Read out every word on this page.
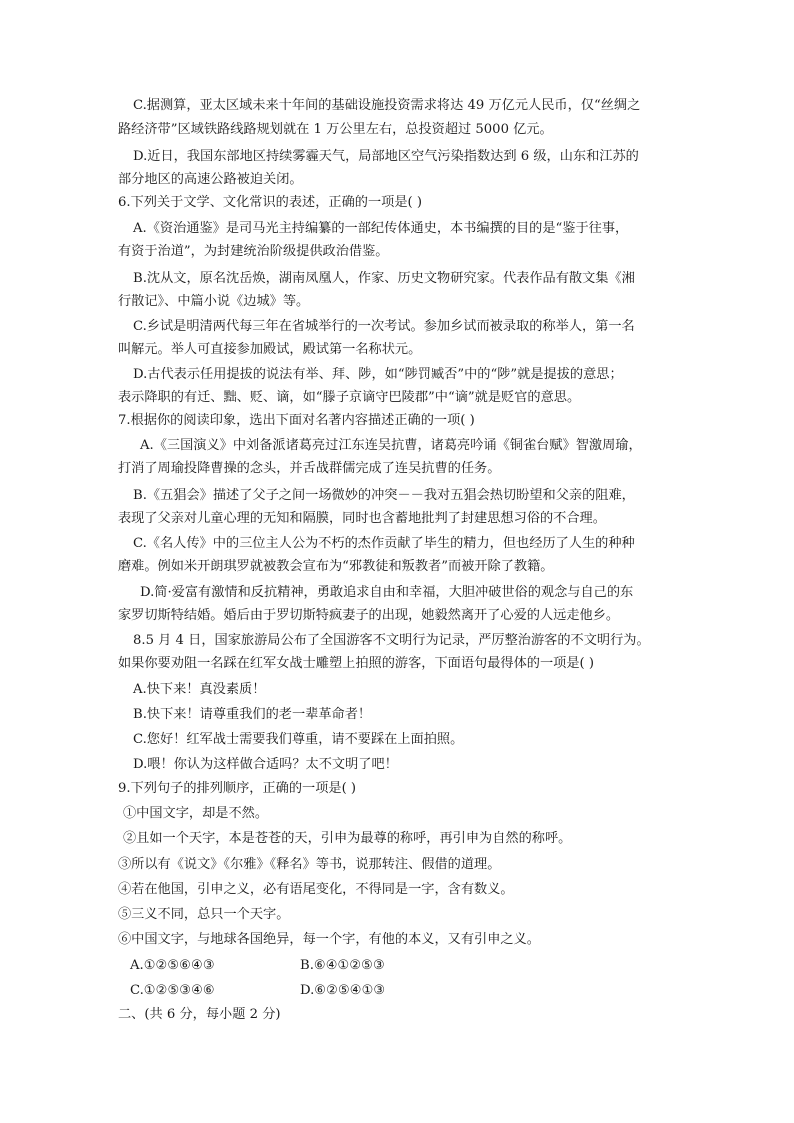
C.据测算，亚太区域未来十年间的基础设施投资需求将达 49 万亿元人民币，仅“丝绸之
路经济带”区域铁路线路规划就在 1 万公里左右，总投资超过 5000 亿元。
D.近日，我国东部地区持续雾霾天气，局部地区空气污染指数达到 6 级，山东和江苏的
部分地区的高速公路被迫关闭。
6.下列关于文学、文化常识的表述，正确的一项是( )
A.《资治通鉴》是司马光主持编纂的一部纪传体通史，本书编撰的目的是“鉴于往事，
有资于治道”，为封建统治阶级提供政治借鉴。
B.沈从文，原名沈岳焕，湖南凤凰人，作家、历史文物研究家。代表作品有散文集《湘
行散记》、中篇小说《边城》等。
C.乡试是明清两代每三年在省城举行的一次考试。参加乡试而被录取的称举人，第一名
叫解元。举人可直接参加殿试，殿试第一名称状元。
D.古代表示任用提拔的说法有举、拜、陟，如“陟罚臧否”中的“陟”就是提拔的意思；
表示降职的有迁、黜、贬、谪，如“滕子京谪守巴陵郡”中“谪”就是贬官的意思。
7.根据你的阅读印象，选出下面对名著内容描述正确的一项( )
A.《三国演义》中刘备派诸葛亮过江东连吴抗曹，诸葛亮吟诵《铜雀台赋》智激周瑜，
打消了周瑜投降曹操的念头，并舌战群儒完成了连吴抗曹的任务。
B.《五猖会》描述了父子之间一场微妙的冲突－－我对五猖会热切盼望和父亲的阻难，
表现了父亲对儿童心理的无知和隔膜，同时也含蓄地批判了封建思想习俗的不合理。
C.《名人传》中的三位主人公为不朽的杰作贡献了毕生的精力，但也经历了人生的种种
磨难。例如米开朗琪罗就被教会宣布为“邪教徒和叛教者”而被开除了教籍。
D.简·爱富有激情和反抗精神，勇敢追求自由和幸福，大胆冲破世俗的观念与自己的东
家罗切斯特结婚。婚后由于罗切斯特疯妻子的出现，她毅然离开了心爱的人远走他乡。
8.5 月 4 日，国家旅游局公布了全国游客不文明行为记录，严厉整治游客的不文明行为。
如果你要劝阻一名踩在红军女战士雕塑上拍照的游客，下面语句最得体的一项是( )
A.快下来！真没素质！
B.快下来！请尊重我们的老一辈革命者！
C.您好！红军战士需要我们尊重，请不要踩在上面拍照。
D.喂！你认为这样做合适吗？太不文明了吧！
9.下列句子的排列顺序，正确的一项是( )
①中国文字，却是不然。
②且如一个天字，本是苍苍的天，引申为最尊的称呼，再引申为自然的称呼。
③所以有《说文》《尔雅》《释名》等书，说那转注、假借的道理。
④若在他国，引申之义，必有语尾变化，不得同是一字，含有数义。
⑤三义不同，总只一个天字。
⑥中国文字，与地球各国绝异，每一个字，有他的本义，又有引申之义。
A.①②⑤⑥④③	B.⑥④①②⑤③
C.①②⑤③④⑥	D.⑥②⑤④①③
二、(共 6 分，每小题 2 分)
